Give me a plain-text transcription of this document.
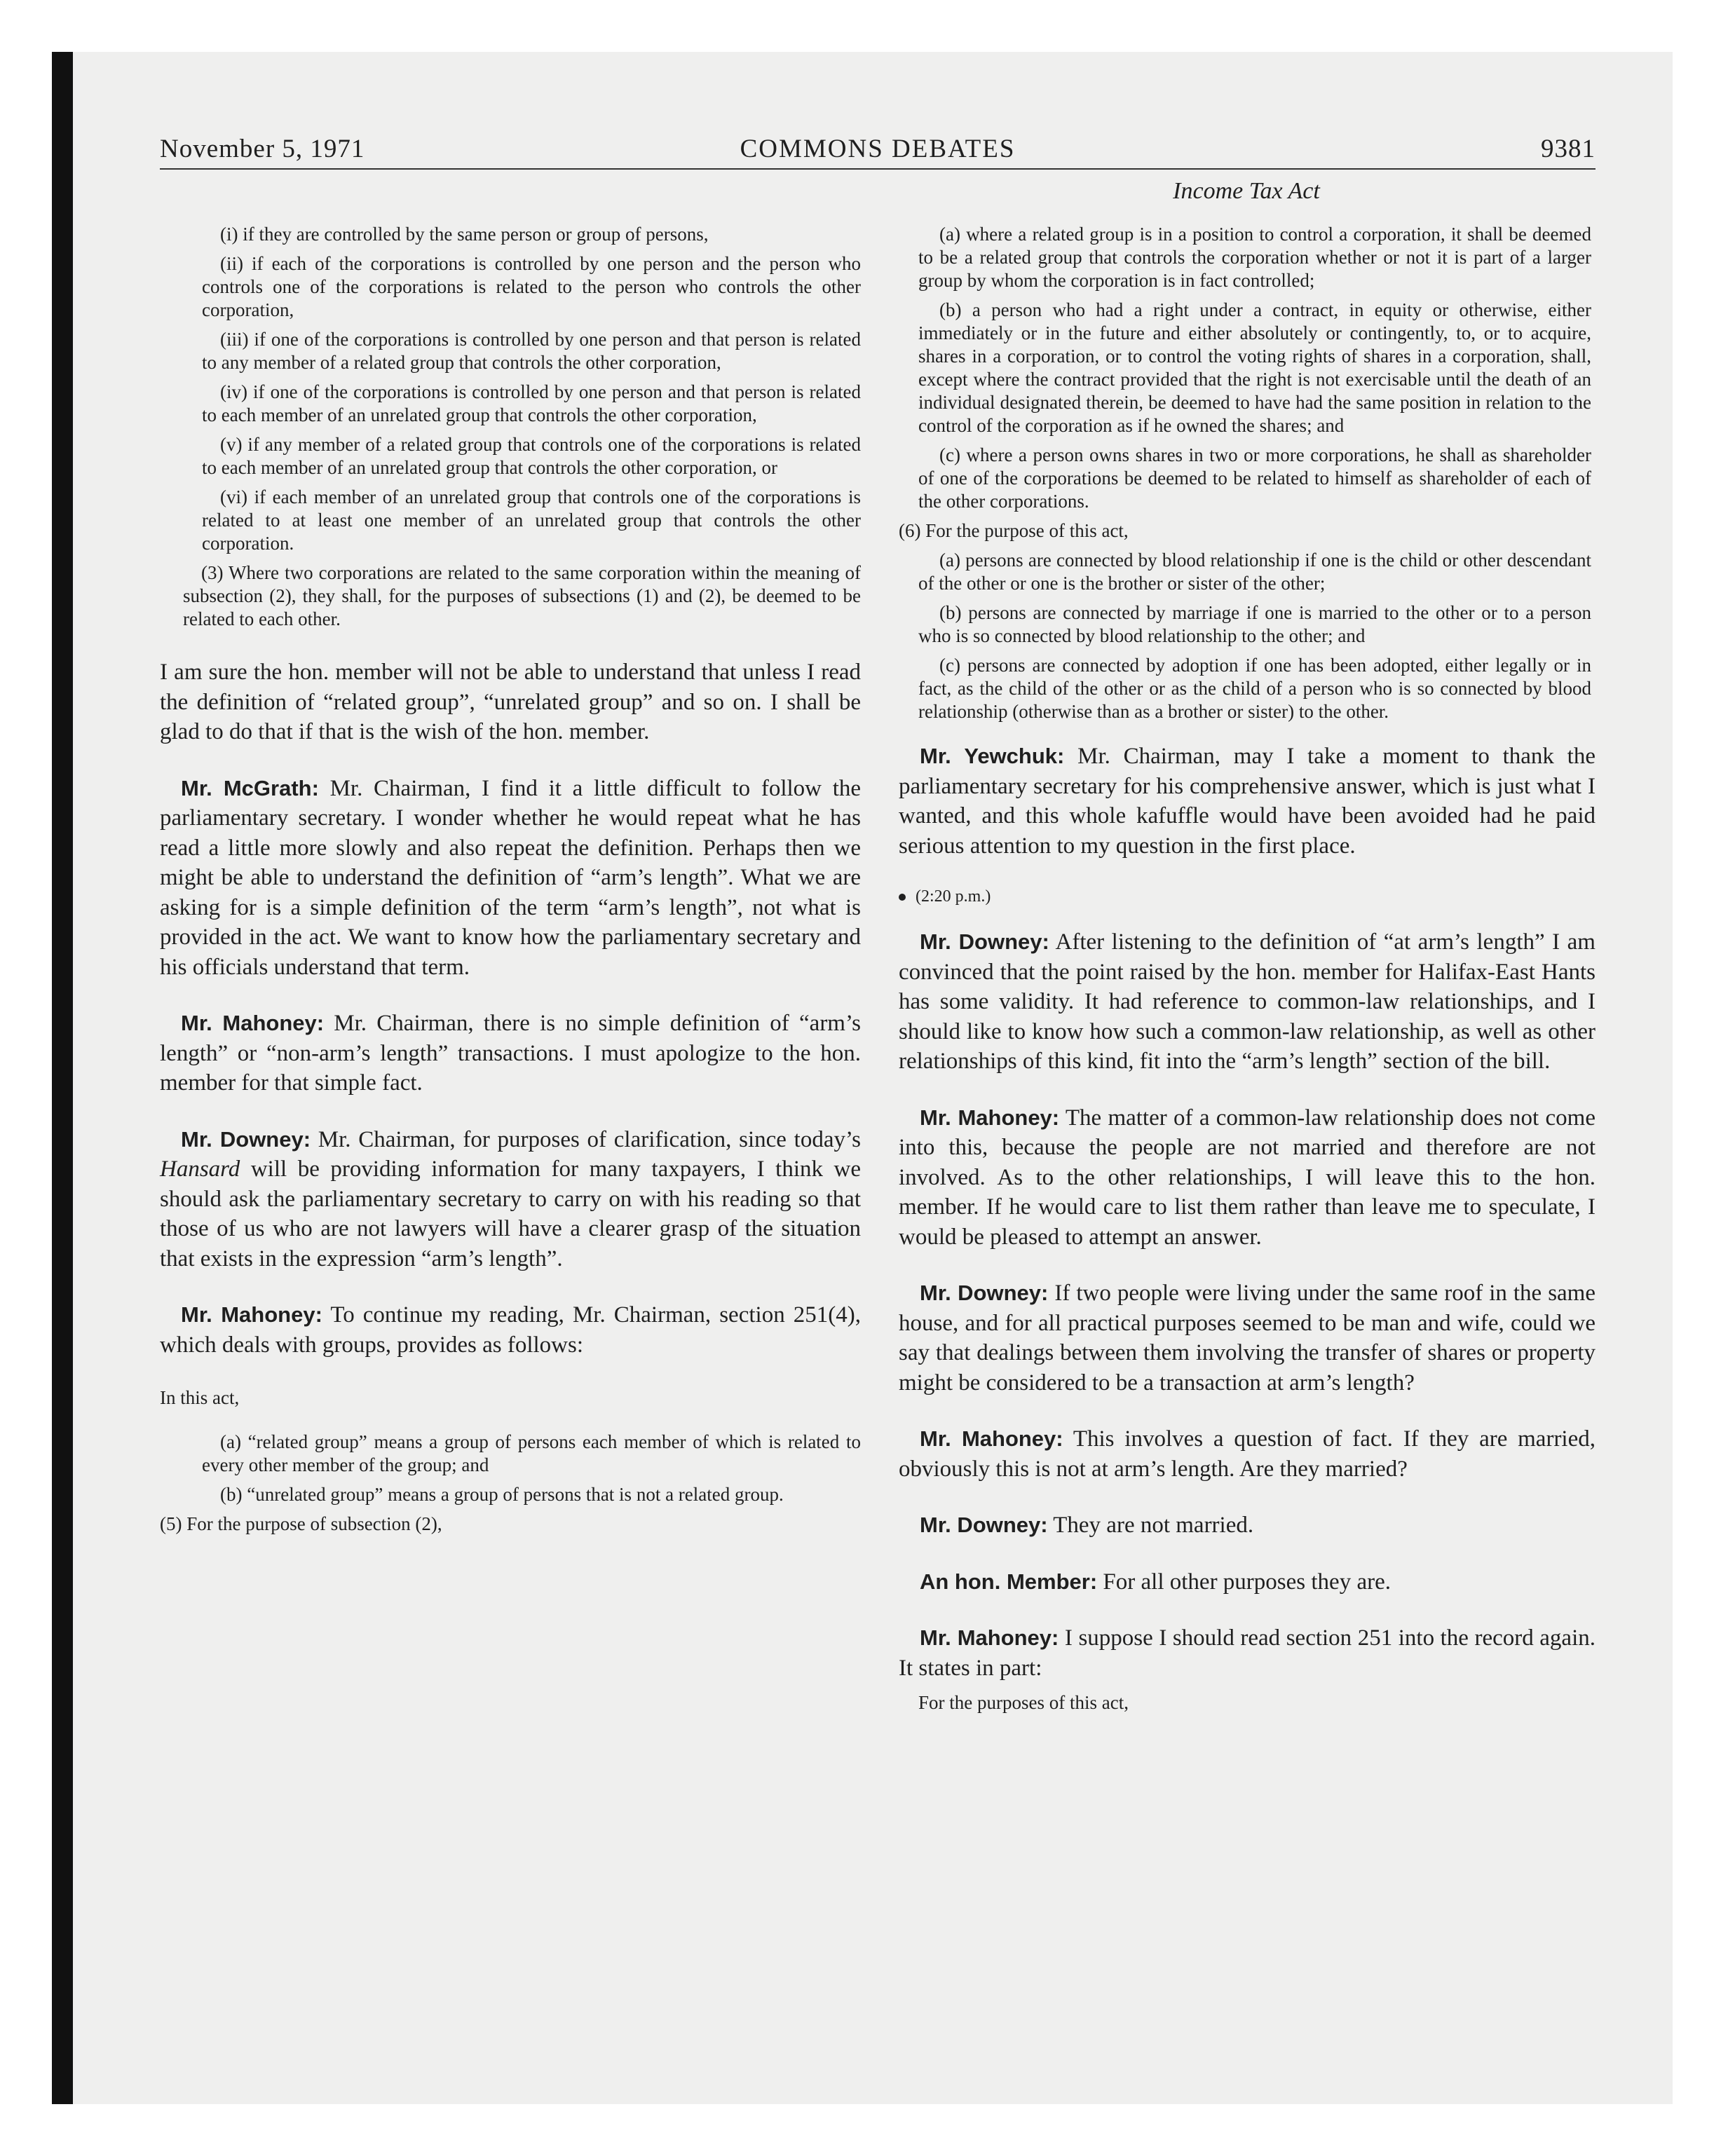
November 5, 1971	COMMONS DEBATES	9381
Income Tax Act

(i) if they are controlled by the same person or group of persons,

(ii) if each of the corporations is controlled by one person and the person who controls one of the corporations is related to the person who controls the other corporation,

(iii) if one of the corporations is controlled by one person and that person is related to any member of a related group that controls the other corporation,

(iv) if one of the corporations is controlled by one person and that person is related to each member of an unrelated group that controls the other corporation,

(v) if any member of a related group that controls one of the corporations is related to each member of an unrelated group that controls the other corporation, or

(vi) if each member of an unrelated group that controls one of the corporations is related to at least one member of an unrelated group that controls the other corporation.

(3) Where two corporations are related to the same corporation within the meaning of subsection (2), they shall, for the purposes of subsections (1) and (2), be deemed to be related to each other.

I am sure the hon. member will not be able to understand that unless I read the definition of “related group”, “unrelated group” and so on. I shall be glad to do that if that is the wish of the hon. member.

Mr. McGrath: Mr. Chairman, I find it a little difficult to follow the parliamentary secretary. I wonder whether he would repeat what he has read a little more slowly and also repeat the definition. Perhaps then we might be able to understand the definition of “arm’s length”. What we are asking for is a simple definition of the term “arm’s length”, not what is provided in the act. We want to know how the parliamentary secretary and his officials understand that term.

Mr. Mahoney: Mr. Chairman, there is no simple definition of “arm’s length” or “non-arm’s length” transactions. I must apologize to the hon. member for that simple fact.

Mr. Downey: Mr. Chairman, for purposes of clarification, since today’s Hansard will be providing information for many taxpayers, I think we should ask the parliamentary secretary to carry on with his reading so that those of us who are not lawyers will have a clearer grasp of the situation that exists in the expression “arm’s length”.

Mr. Mahoney: To continue my reading, Mr. Chairman, section 251(4), which deals with groups, provides as follows:

In this act,

(a) “related group” means a group of persons each member of which is related to every other member of the group; and

(b) “unrelated group” means a group of persons that is not a related group.

(5) For the purpose of subsection (2),

(a) where a related group is in a position to control a corporation, it shall be deemed to be a related group that controls the corporation whether or not it is part of a larger group by whom the corporation is in fact controlled;

(b) a person who had a right under a contract, in equity or otherwise, either immediately or in the future and either absolutely or contingently, to, or to acquire, shares in a corporation, or to control the voting rights of shares in a corporation, shall, except where the contract provided that the right is not exercisable until the death of an individual designated therein, be deemed to have had the same position in relation to the control of the corporation as if he owned the shares; and

(c) where a person owns shares in two or more corporations, he shall as shareholder of one of the corporations be deemed to be related to himself as shareholder of each of the other corporations.

(6) For the purpose of this act,

(a) persons are connected by blood relationship if one is the child or other descendant of the other or one is the brother or sister of the other;

(b) persons are connected by marriage if one is married to the other or to a person who is so connected by blood relationship to the other; and

(c) persons are connected by adoption if one has been adopted, either legally or in fact, as the child of the other or as the child of a person who is so connected by blood relationship (otherwise than as a brother or sister) to the other.

Mr. Yewchuk: Mr. Chairman, may I take a moment to thank the parliamentary secretary for his comprehensive answer, which is just what I wanted, and this whole kafuffle would have been avoided had he paid serious attention to my question in the first place.

(2:20 p.m.)

Mr. Downey: After listening to the definition of “at arm’s length” I am convinced that the point raised by the hon. member for Halifax-East Hants has some validity. It had reference to common-law relationships, and I should like to know how such a common-law relationship, as well as other relationships of this kind, fit into the “arm’s length” section of the bill.

Mr. Mahoney: The matter of a common-law relationship does not come into this, because the people are not married and therefore are not involved. As to the other relationships, I will leave this to the hon. member. If he would care to list them rather than leave me to speculate, I would be pleased to attempt an answer.

Mr. Downey: If two people were living under the same roof in the same house, and for all practical purposes seemed to be man and wife, could we say that dealings between them involving the transfer of shares or property might be considered to be a transaction at arm’s length?

Mr. Mahoney: This involves a question of fact. If they are married, obviously this is not at arm’s length. Are they married?

Mr. Downey: They are not married.

An hon. Member: For all other purposes they are.

Mr. Mahoney: I suppose I should read section 251 into the record again. It states in part:

For the purposes of this act,
